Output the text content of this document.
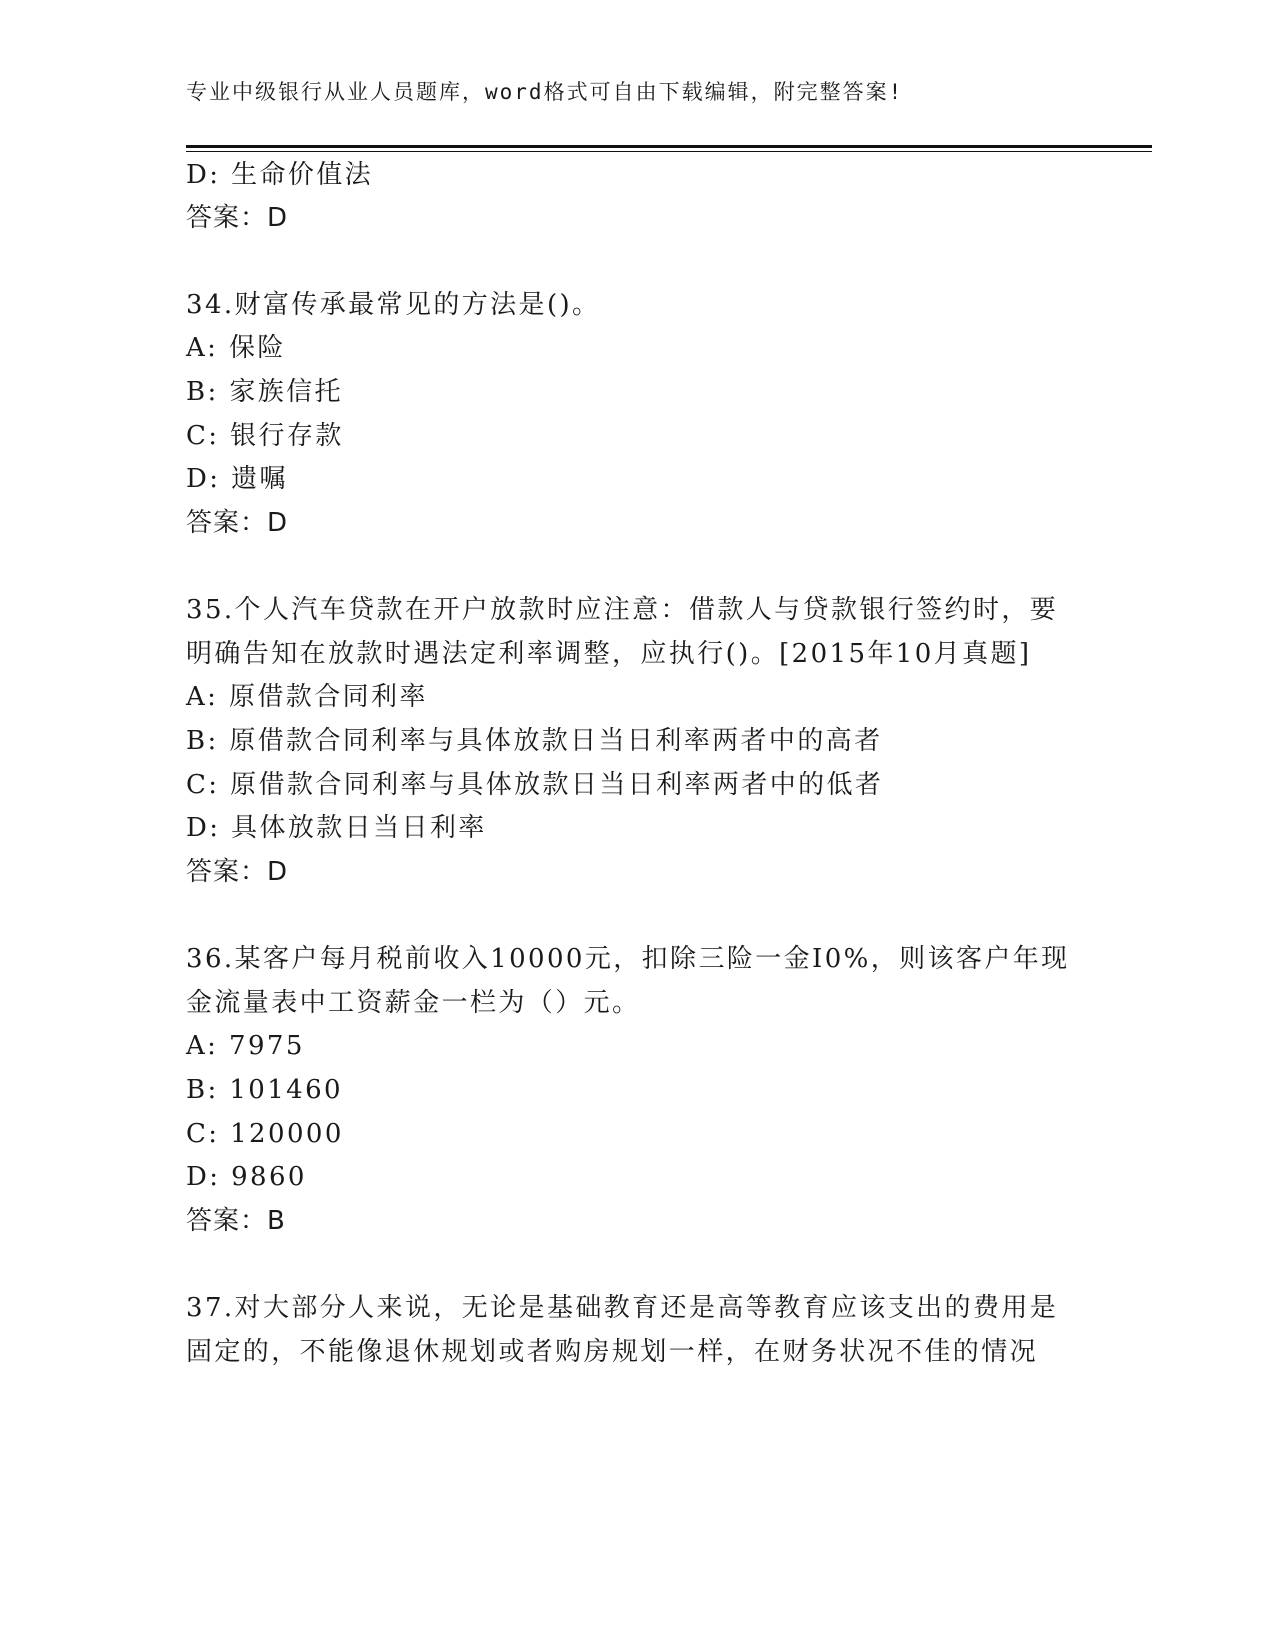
专业中级银行从业人员题库，word格式可自由下载编辑，附完整答案!
D: 生命价值法
答案：D
34.财富传承最常见的方法是()。
A: 保险
B: 家族信托
C: 银行存款
D: 遗嘱
答案：D
35.个人汽车贷款在开户放款时应注意：借款人与贷款银行签约时，要
明确告知在放款时遇法定利率调整，应执行()。[2015年10月真题]
A: 原借款合同利率
B: 原借款合同利率与具体放款日当日利率两者中的高者
C: 原借款合同利率与具体放款日当日利率两者中的低者
D: 具体放款日当日利率
答案：D
36.某客户每月税前收入10000元，扣除三险一金I0%，则该客户年现
金流量表中工资薪金一栏为（）元。
A: 7975
B: 101460
C: 120000
D: 9860
答案：B
37.对大部分人来说，无论是基础教育还是高等教育应该支出的费用是
固定的，不能像退休规划或者购房规划一样，在财务状况不佳的情况
